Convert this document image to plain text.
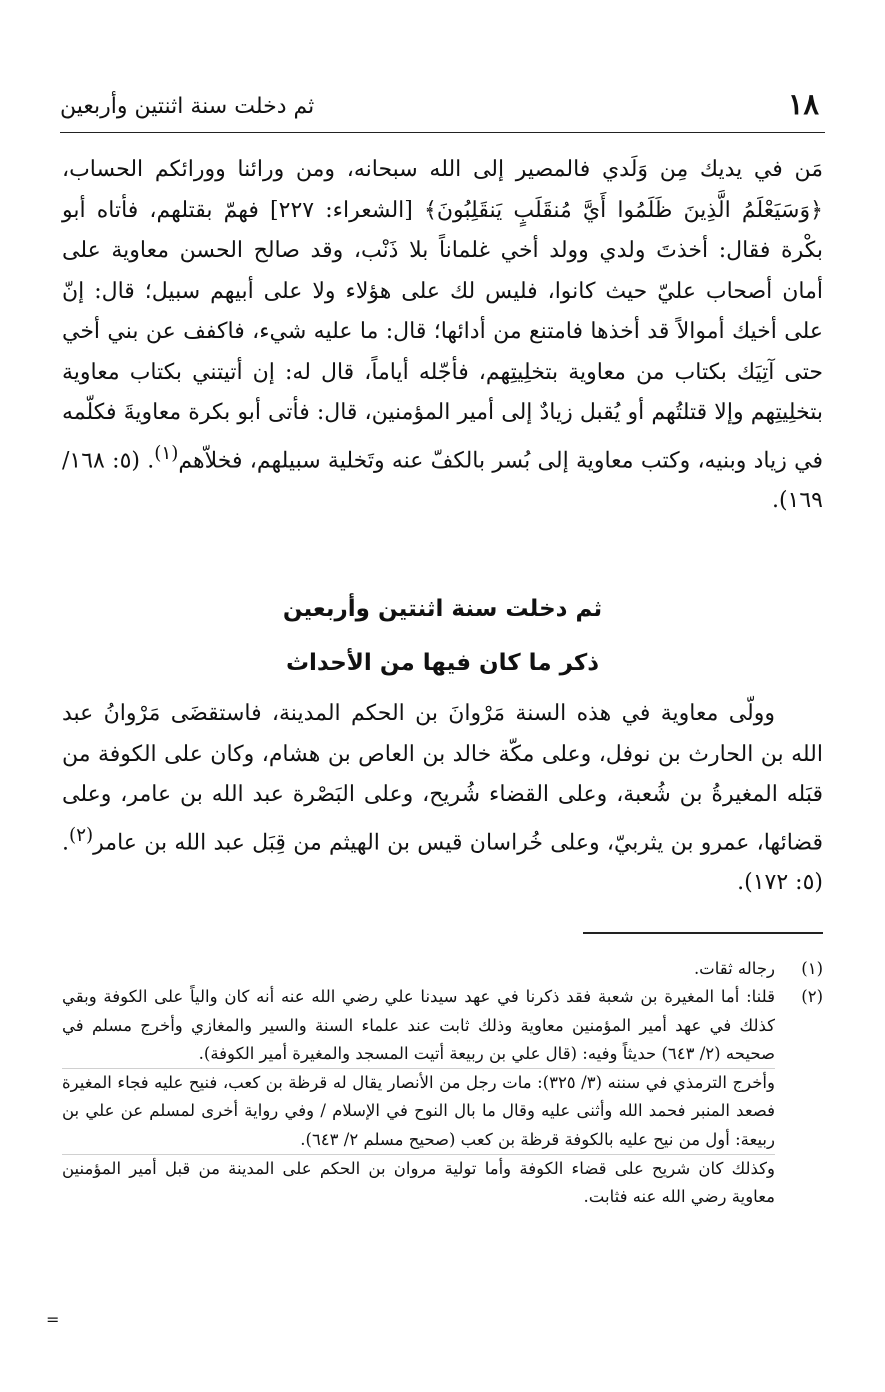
١٨
ثم دخلت سنة اثنتين وأربعين

مَن في يديك مِن وَلَدي فالمصير إلى الله سبحانه، ومن ورائنا وورائكم الحساب، ﴿وَسَيَعْلَمُ الَّذِينَ ظَلَمُوا أَيَّ مُنقَلَبٍ يَنقَلِبُونَ﴾ [الشعراء: ٢٢٧] فهمّ بقتلهم، فأتاه أبو بكْرة فقال: أخذتَ ولدي وولد أخي غلماناً بلا ذَنْب، وقد صالح الحسن معاوية على أمان أصحاب عليّ حيث كانوا، فليس لك على هؤلاء ولا على أبيهم سبيل؛ قال: إنّ على أخيك أموالاً قد أخذها فامتنع من أدائها؛ قال: ما عليه شيء، فاكفف عن بني أخي حتى آتِيَك بكتاب من معاوية بتخلِيتِهم، فأجّله أياماً، قال له: إن أتيتني بكتاب معاوية بتخلِيتِهم وإلا قتلتُهم أو يُقبل زيادٌ إلى أمير المؤمنين، قال: فأتى أبو بكرة معاويةَ فكلّمه في زياد وبنيه، وكتب معاوية إلى بُسر بالكفّ عنه وتَخلية سبيلهم، فخلاّهم$^{(١)}$. (٥: ١٦٨/ ١٦٩).

ثم دخلت سنة اثنتين وأربعين
ذكر ما كان فيها من الأحداث

وولّى معاوية في هذه السنة مَرْوانَ بن الحكم المدينة، فاستقضَى مَرْوانُ عبد الله بن الحارث بن نوفل، وعلى مكّة خالد بن العاص بن هشام، وكان على الكوفة من قبَله المغيرةُ بن شُعبة، وعلى القضاء شُريح، وعلى البَصْرة عبد الله بن عامر، وعلى قضائها، عمرو بن يثربيّ، وعلى خُراسان قيس بن الهيثم من قِبَل عبد الله بن عامر$^{(٢)}$. (٥: ١٧٢).

(١)

رجاله ثقات.

(٢)

قلنا: أما المغيرة بن شعبة فقد ذكرنا في عهد سيدنا علي رضي الله عنه أنه كان والياً على الكوفة وبقي كذلك في عهد أمير المؤمنين معاوية وذلك ثابت عند علماء السنة والسير والمغازي وأخرج مسلم في صحيحه (٢/ ٦٤٣) حديثاً وفيه: (قال علي بن ربيعة أتيت المسجد والمغيرة أمير الكوفة).

وأخرج الترمذي في سننه (٣/ ٣٢٥): مات رجل من الأنصار يقال له قرظة بن كعب، فنيح عليه فجاء المغيرة فصعد المنبر فحمد الله وأثنى عليه وقال ما بال النوح في الإسلام / وفي رواية أخرى لمسلم عن علي بن ربيعة: أول من نيح عليه بالكوفة قرظة بن كعب (صحيح مسلم ٢/ ٦٤٣).

وكذلك كان شريح على قضاء الكوفة وأما تولية مروان بن الحكم على المدينة من قبل أمير المؤمنين معاوية رضي الله عنه فثابت.

=
